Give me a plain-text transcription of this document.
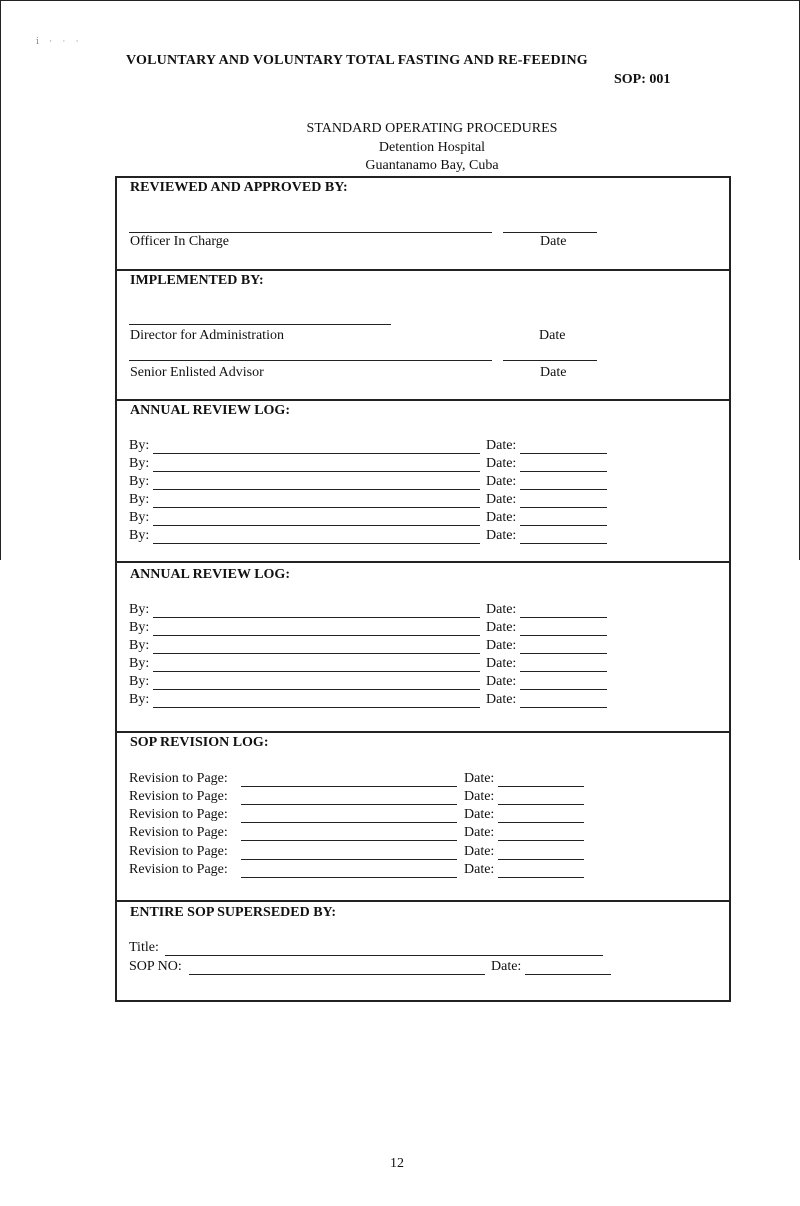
ⅰ · · ·
VOLUNTARY AND VOLUNTARY TOTAL FASTING AND RE-FEEDING
SOP: 001
STANDARD OPERATING PROCEDURES
Detention Hospital
Guantanamo Bay, Cuba
REVIEWED AND APPROVED BY:
Officer In Charge	Date
IMPLEMENTED BY:
Director for Administration	Date
Senior Enlisted Advisor	Date
ANNUAL REVIEW LOG:
By:	Date:
By:	Date:
By:	Date:
By:	Date:
By:	Date:
By:	Date:
ANNUAL REVIEW LOG:
By:	Date:
By:	Date:
By:	Date:
By:	Date:
By:	Date:
By:	Date:
SOP REVISION LOG:
Revision to Page:	Date:
Revision to Page:	Date:
Revision to Page:	Date:
Revision to Page:	Date:
Revision to Page:	Date:
Revision to Page:	Date:
ENTIRE SOP SUPERSEDED BY:
Title:
SOP NO:	Date:
12
